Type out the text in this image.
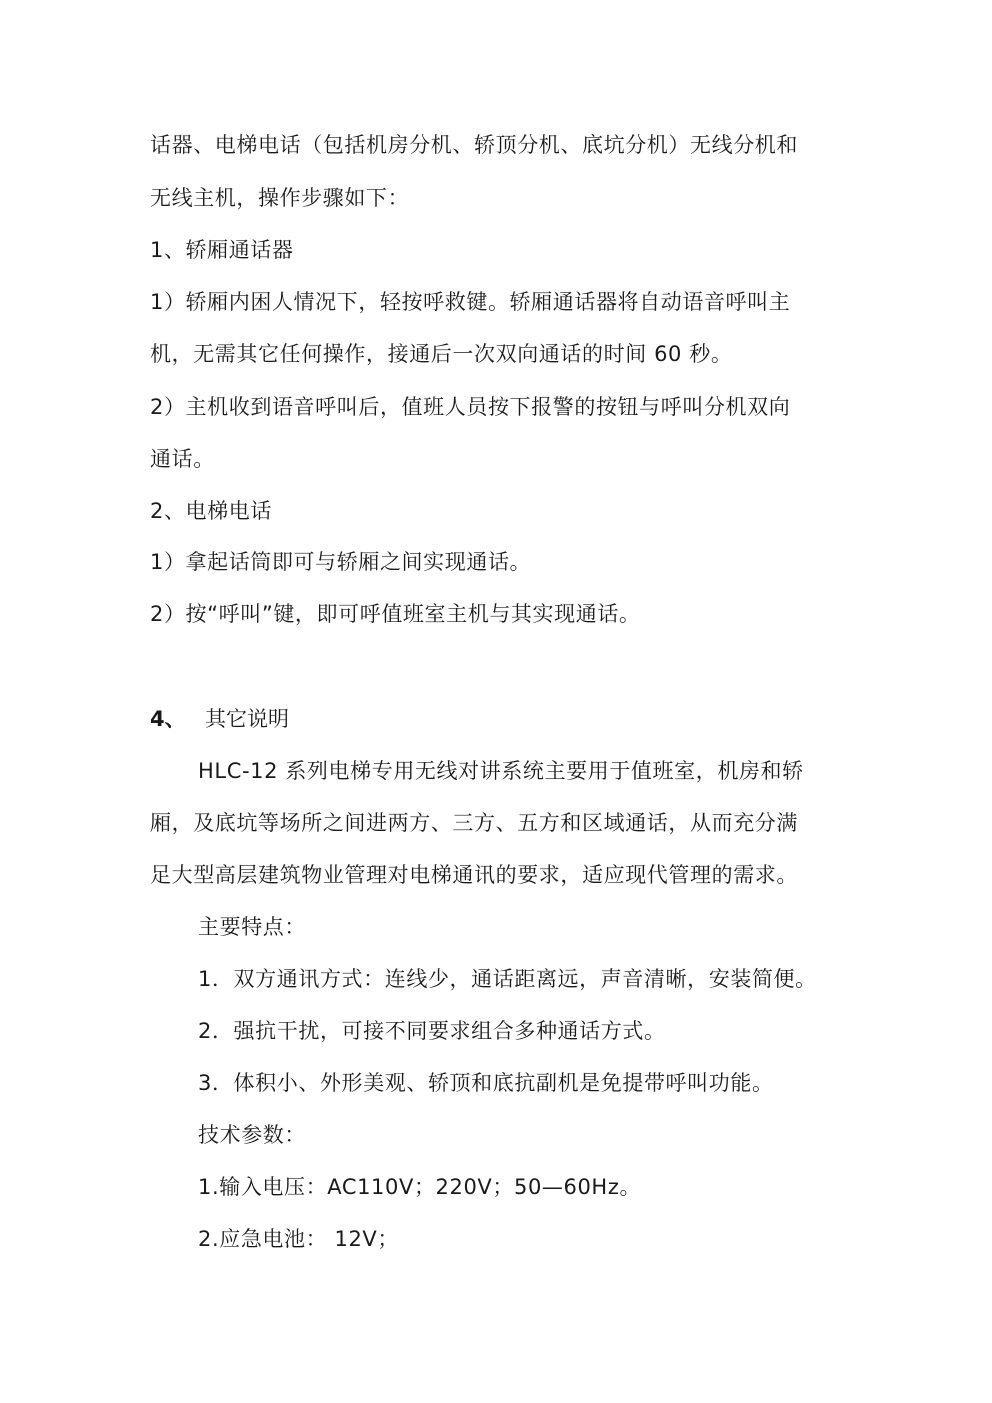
话器、电梯电话（包括机房分机、轿顶分机、底坑分机）无线分机和
无线主机，操作步骤如下：
1、轿厢通话器
1）轿厢内困人情况下，轻按呼救键。轿厢通话器将自动语音呼叫主
机，无需其它任何操作，接通后一次双向通话的时间 60 秒。
2）主机收到语音呼叫后，值班人员按下报警的按钮与呼叫分机双向
通话。
2、电梯电话
1）拿起话筒即可与轿厢之间实现通话。
2）按“呼叫”键，即可呼值班室主机与其实现通话。
4、 其它说明
HLC-12 系列电梯专用无线对讲系统主要用于值班室，机房和轿
厢，及底坑等场所之间进两方、三方、五方和区域通话，从而充分满
足大型高层建筑物业管理对电梯通讯的要求，适应现代管理的需求。
主要特点：
1．双方通讯方式：连线少，通话距离远，声音清晰，安装简便。
2．强抗干扰，可接不同要求组合多种通话方式。
3．体积小、外形美观、轿顶和底抗副机是免提带呼叫功能。
技术参数：
1.输入电压：AC110V；220V；50—60Hz。
2.应急电池： 12V；
